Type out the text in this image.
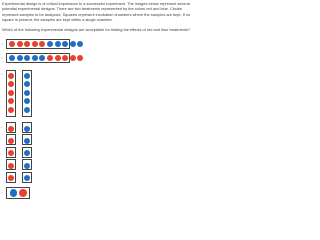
Experimental design is of critical importance to a successful experiment. The images below represent several potential experimental designs. There are two treatments represented by the colors red and blue. Circles represent samples to be analyzed. Squares represent incubation chambers where the samples are kept. If no square is present, the samples are kept within a single chamber.

Which of the following experimental designs are acceptable for testing the effects of red and blue treatments?

□
□
□
□
□
